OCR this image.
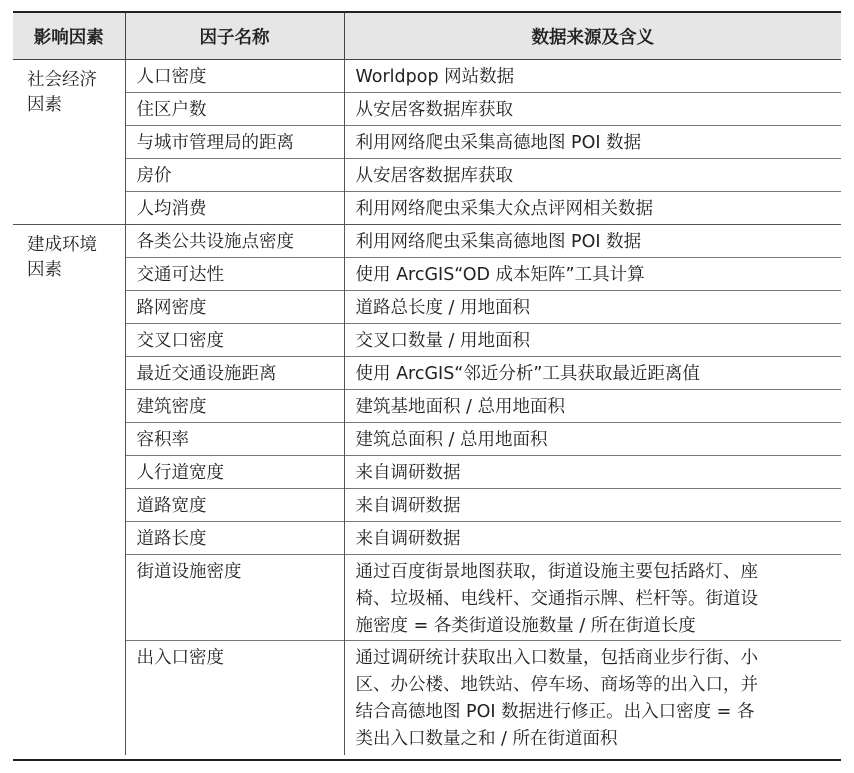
影响因素	因子名称	数据来源及含义

社会经济
因素	人口密度	Worldpop 网站数据
	住区户数	从安居客数据库获取
	与城市管理局的距离	利用网络爬虫采集高德地图 POI 数据
	房价	从安居客数据库获取
	人均消费	利用网络爬虫采集大众点评网相关数据

建成环境
因素	各类公共设施点密度	利用网络爬虫采集高德地图 POI 数据
	交通可达性	使用 ArcGIS“OD 成本矩阵”工具计算
	路网密度	道路总长度 / 用地面积
	交叉口密度	交叉口数量 / 用地面积
	最近交通设施距离	使用 ArcGIS“邻近分析”工具获取最近距离值
	建筑密度	建筑基地面积 / 总用地面积
	容积率	建筑总面积 / 总用地面积
	人行道宽度	来自调研数据
	道路宽度	来自调研数据
	道路长度	来自调研数据
	街道设施密度	通过百度街景地图获取，街道设施主要包括路灯、座
椅、垃圾桶、电线杆、交通指示牌、栏杆等。街道设
施密度 = 各类街道设施数量 / 所在街道长度

	出入口密度	通过调研统计获取出入口数量，包括商业步行街、小
区、办公楼、地铁站、停车场、商场等的出入口，并
结合高德地图 POI 数据进行修正。出入口密度 = 各
类出入口数量之和 / 所在街道面积
